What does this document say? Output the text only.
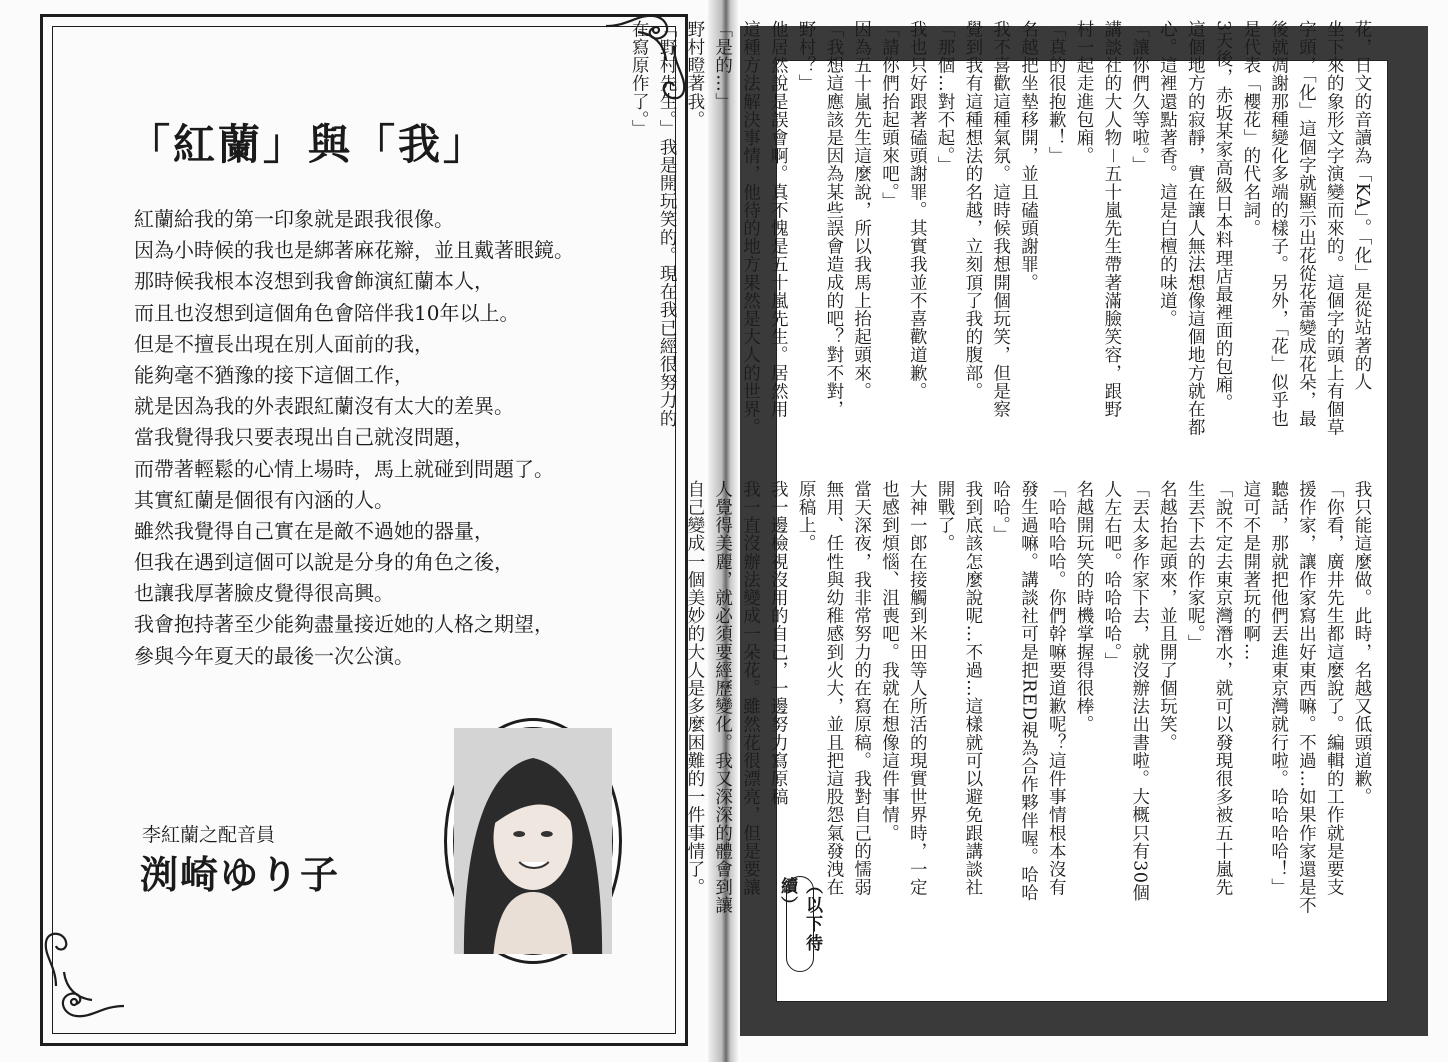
「紅蘭」與「我」
紅蘭給我的第一印象就是跟我很像。
因為小時候的我也是綁著麻花辮，並且戴著眼鏡。
那時候我根本沒想到我會飾演紅蘭本人，
而且也沒想到這個角色會陪伴我10年以上。
但是不擅長出現在別人面前的我，
能夠毫不猶豫的接下這個工作，
就是因為我的外表跟紅蘭沒有太大的差異。
當我覺得我只要表現出自己就沒問題，
而帶著輕鬆的心情上場時，馬上就碰到問題了。
其實紅蘭是個很有內涵的人。
雖然我覺得自己實在是敵不過她的器量，
但我在遇到這個可以說是分身的角色之後，
也讓我厚著臉皮覺得很高興。
我會抱持著至少能夠盡量接近她的人格之期望，
參與今年夏天的最後一次公演。
李紅蘭之配音員
渕崎ゆり子
花，日文的音讀為「KA」。「化」是從站著的人
坐下來的象形文字演變而來的。這個字的頭上有個草
字頭，「化」這個字就顯示出花從花蕾變成花朵，最
後就凋謝那種變化多端的樣子。另外，「花」似乎也
是代表「櫻花」的代名詞。
3天後，赤坂某家高級日本料理店最裡面的包廂。
這個地方的寂靜，實在讓人無法想像這個地方就在都
心。這裡還點著香。這是白檀的味道。
「讓你們久等啦。」
講談社的大人物－五十嵐先生帶著滿臉笑容，跟野
村一起走進包廂。
「真的很抱歉！」
名越把坐墊移開，並且磕頭謝罪。
我不喜歡這種氣氛。這時候我想開個玩笑，但是察
覺到我有這種想法的名越，立刻頂了我的腹部。
「那個…對不起。」
我也只好跟著磕頭謝罪。其實我並不喜歡道歉。
「請你們抬起頭來吧。」
因為五十嵐先生這麼說，所以我馬上抬起頭來。
「我想這應該是因為某些誤會造成的吧？對不對，
野村？」
他居然說是誤會啊。真不愧是五十嵐先生。居然用
這種方法解決事情，他待的地方果然是大人的世界。
「是的…」
野村瞪著我。
「野村先生。」我是開玩笑的。現在我已經很努力的
在寫原作了。」
我只能這麼做。此時，名越又低頭道歉。
「你看，廣井先生都這麼說了。編輯的工作就是要支
援作家，讓作家寫出好東西嘛。不過…如果作家還是不
聽話，那就把他們丟進東京灣就行啦。哈哈哈哈！」
這可不是開著玩的啊…
「說不定去東京灣潛水，就可以發現很多被五十嵐先
生丟下去的作家呢。」
名越抬起頭來，並且開了個玩笑。
「丟太多作家下去，就沒辦法出書啦。大概只有30個
人左右吧。哈哈哈哈。」
名越開玩笑的時機掌握得很棒。
「哈哈哈哈。你們幹嘛要道歉呢？這件事情根本沒有
發生過嘛。講談社可是把RED視為合作夥伴喔。哈哈
哈哈。」
我到底該怎麼說呢…不過…這樣就可以避免跟講談社
開戰了。
大神一郎在接觸到米田等人所活的現實世界時，一定
也感到煩惱、沮喪吧。我就在想像這件事情。
當天深夜，我非常努力的在寫原稿。我對自己的懦弱
無用、任性與幼稚感到火大，並且把這股怨氣發洩在
原稿上。
我一邊檢視沒用的自己，一邊努力寫原稿
我一直沒辦法變成一朵花。雖然花很漂亮，但是要讓
人覺得美麗，就必須要經歷變化。我又深深的體會到讓
自己變成一個美妙的大人是多麼困難的一件事情了。
（以下待續）
